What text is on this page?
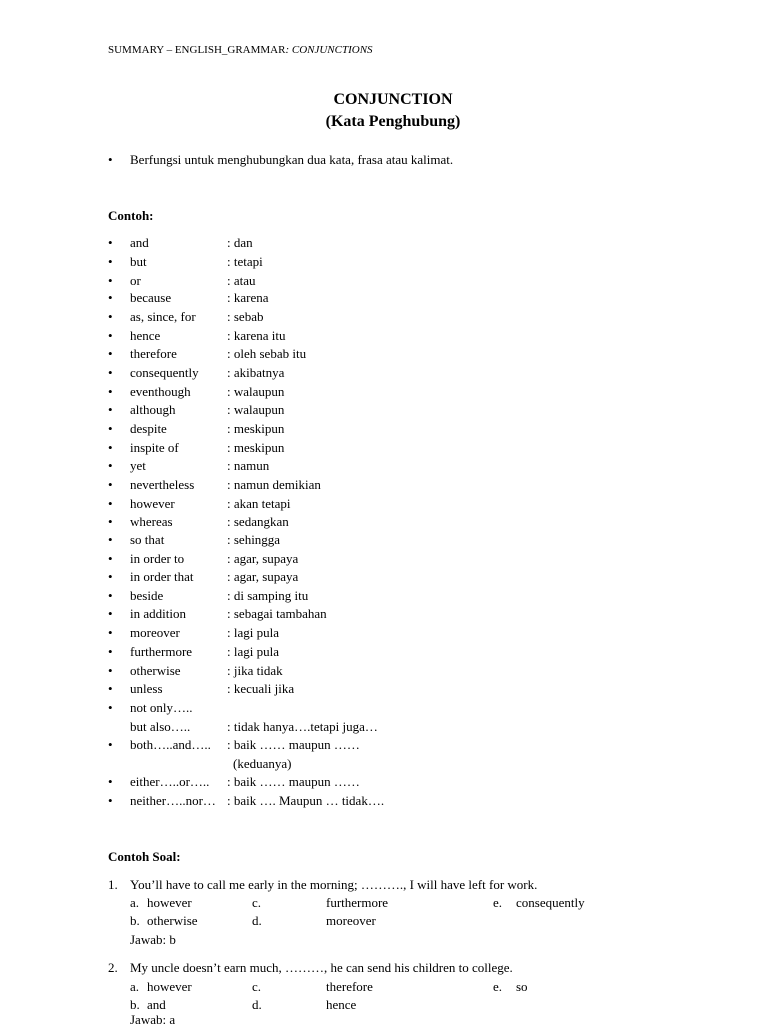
SUMMARY – ENGLISH_GRAMMAR: CONJUNCTIONS
CONJUNCTION
(Kata Penghubung)
• Berfungsi untuk menghubungkan dua kata, frasa atau kalimat.
Contoh:
• and	: dan
• but	: tetapi
• or	: atau
• because	: karena
• as, since, for : sebab
• hence	: karena itu
• therefore	: oleh sebab itu
• consequently : akibatnya
• eventhough	: walaupun
• although	: walaupun
• despite	: meskipun
• inspite of	: meskipun
• yet	: namun
• nevertheless	: namun demikian
• however	: akan tetapi
• whereas	: sedangkan
• so that	: sehingga
• in order to	: agar, supaya
• in order that	: agar, supaya
• beside	: di samping itu
• in addition	: sebagai tambahan
• moreover	: lagi pula
• furthermore	: lagi pula
• otherwise	: jika tidak
• unless	: kecuali jika
• not only…..
but also…..	: tidak hanya….tetapi juga…
• both…..and….. : baik …… maupun ……
(keduanya)
• either…..or….. : baik …… maupun ……
• neither…..nor… : baik …. Maupun … tidak….
Contoh Soal:
1. You’ll have to call me early in the morning; ………., I will have left for work.
a. however	c.	furthermore	e. consequently
b. otherwise	d.	moreover
Jawab: b
2. My uncle doesn’t earn much, ………, he can send his children to college.
a. however	c.	therefore	e. so
b. and	d.	hence
Jawab: a
